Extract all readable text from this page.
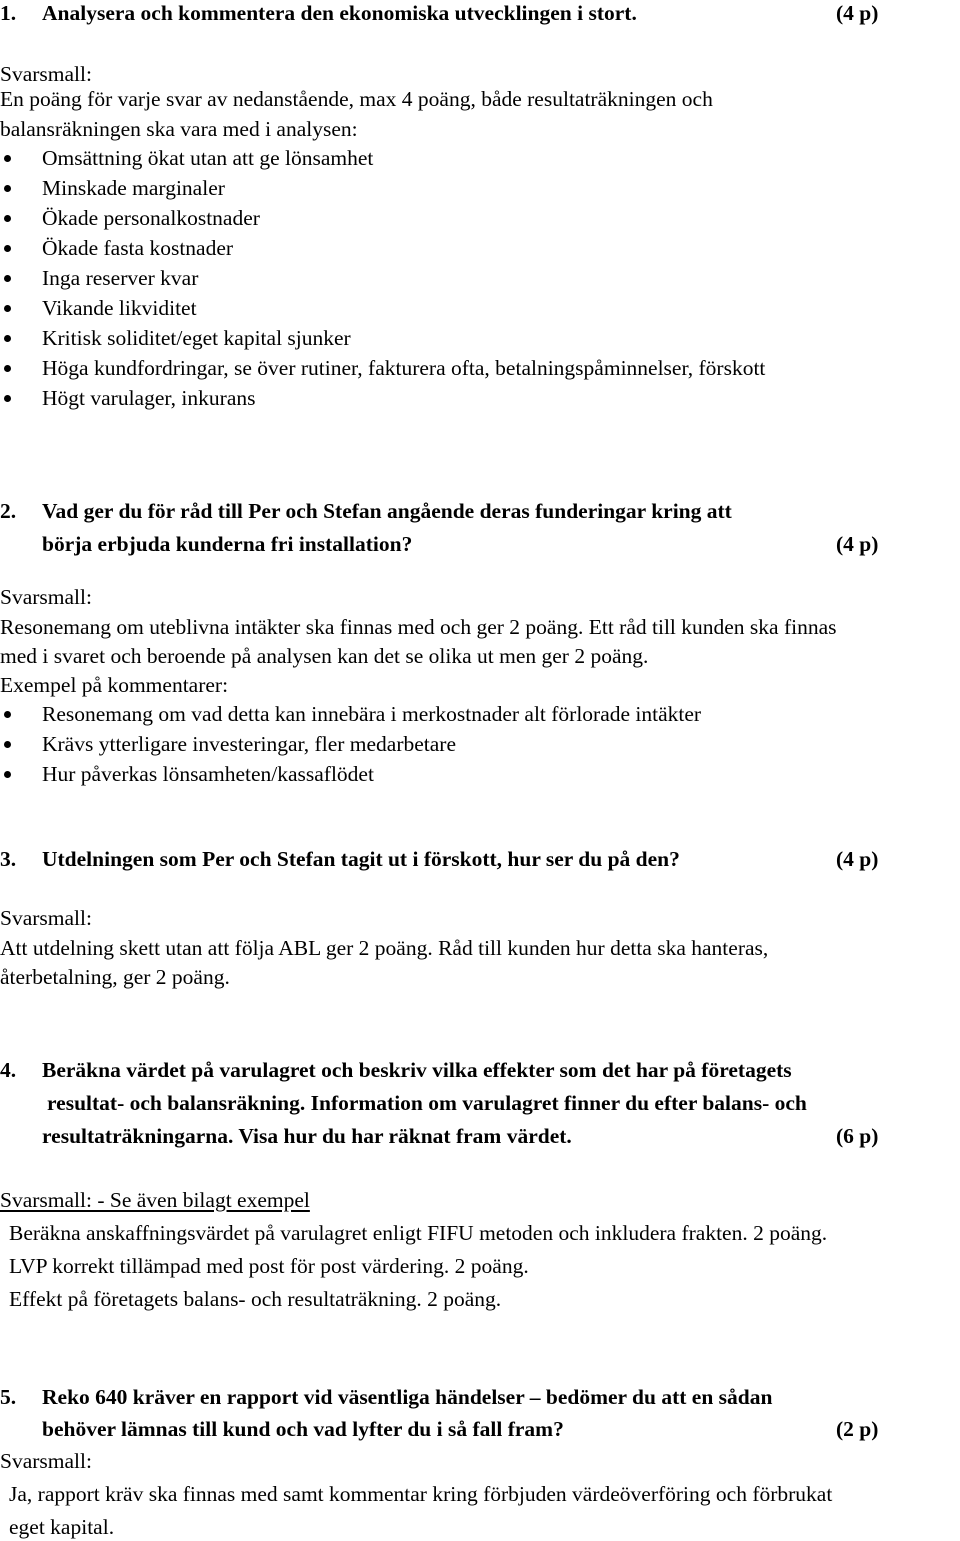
1. Analysera och kommentera den ekonomiska utvecklingen i stort.	(4 p)
Svarsmall:
En poäng för varje svar av nedanstående, max 4 poäng, både resultaträkningen och
balansräkningen ska vara med i analysen:
Omsättning ökat utan att ge lönsamhet
Minskade marginaler
Ökade personalkostnader
Ökade fasta kostnader
Inga reserver kvar
Vikande likviditet
Kritisk soliditet/eget kapital sjunker
Höga kundfordringar, se över rutiner, fakturera ofta, betalningspåminnelser, förskott
Högt varulager, inkurans
2. Vad ger du för råd till Per och Stefan angående deras funderingar kring att
börja erbjuda kunderna fri installation?	(4 p)
Svarsmall:
Resonemang om uteblivna intäkter ska finnas med och ger 2 poäng. Ett råd till kunden ska finnas
med i svaret och beroende på analysen kan det se olika ut men ger 2 poäng.
Exempel på kommentarer:
Resonemang om vad detta kan innebära i merkostnader alt förlorade intäkter
Krävs ytterligare investeringar, fler medarbetare
Hur påverkas lönsamheten/kassaflödet
3. Utdelningen som Per och Stefan tagit ut i förskott, hur ser du på den?	(4 p)
Svarsmall:
Att utdelning skett utan att följa ABL ger 2 poäng. Råd till kunden hur detta ska hanteras,
återbetalning, ger 2 poäng.
4. Beräkna värdet på varulagret och beskriv vilka effekter som det har på företagets
resultat- och balansräkning. Information om varulagret finner du efter balans- och
resultaträkningarna. Visa hur du har räknat fram värdet.	(6 p)
Svarsmall: - Se även bilagt exempel
Beräkna anskaffningsvärdet på varulagret enligt FIFU metoden och inkludera frakten. 2 poäng.
LVP korrekt tillämpad med post för post värdering. 2 poäng.
Effekt på företagets balans- och resultaträkning. 2 poäng.
5. Reko 640 kräver en rapport vid väsentliga händelser – bedömer du att en sådan
behöver lämnas till kund och vad lyfter du i så fall fram?	(2 p)
Svarsmall:
Ja, rapport kräv ska finnas med samt kommentar kring förbjuden värdeöverföring och förbrukat
eget kapital.
